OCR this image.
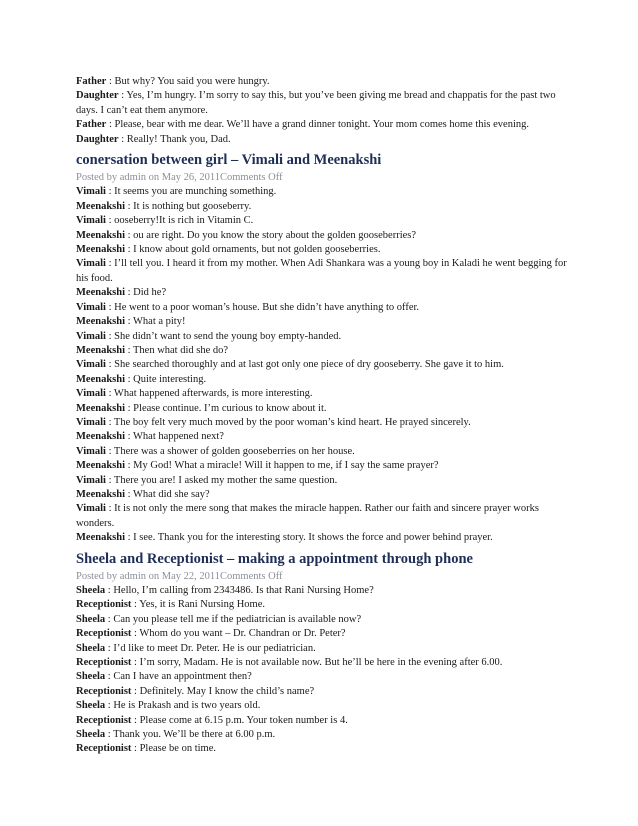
Father : But why? You said you were hungry.

Daughter : Yes, I’m hungry. I’m sorry to say this, but you’ve been giving me bread and chappatis for the past two days. I can’t eat them anymore.

Father : Please, bear with me dear. We’ll have a grand dinner tonight. Your mom comes home this evening.

Daughter : Really! Thank you, Dad.

conersation between girl – Vimali and Meenakshi

Posted by admin on May 26, 2011Comments Off

Vimali : It seems you are munching something.

Meenakshi : It is nothing but gooseberry.

Vimali : ooseberry!It is rich in Vitamin C.

Meenakshi : ou are right. Do you know the story about the golden gooseberries?

Meenakshi : I know about gold ornaments, but not golden gooseberries.

Vimali : I’ll tell you. I heard it from my mother. When Adi Shankara was a young boy in Kaladi he went begging for his food.

Meenakshi : Did he?

Vimali : He went to a poor woman’s house. But she didn’t have anything to offer.

Meenakshi : What a pity!

Vimali : She didn’t want to send the young boy empty-handed.

Meenakshi : Then what did she do?

Vimali : She searched thoroughly and at last got only one piece of dry gooseberry. She gave it to him.

Meenakshi : Quite interesting.

Vimali : What happened afterwards, is more interesting.

Meenakshi : Please continue. I’m curious to know about it.

Vimali : The boy felt very much moved by the poor woman’s kind heart. He prayed sincerely.

Meenakshi : What happened next?

Vimali : There was a shower of golden gooseberries on her house.

Meenakshi : My God! What a miracle! Will it happen to me, if I say the same prayer?

Vimali : There you are! I asked my mother the same question.

Meenakshi : What did she say?

Vimali : It is not only the mere song that makes the miracle happen. Rather our faith and sincere prayer works wonders.

Meenakshi : I see. Thank you for the interesting story. It shows the force and power behind prayer.

Sheela and Receptionist – making a appointment through phone

Posted by admin on May 22, 2011Comments Off

Sheela : Hello, I’m calling from 2343486. Is that Rani Nursing Home?

Receptionist : Yes, it is Rani Nursing Home.

Sheela : Can you please tell me if the pediatrician is available now?

Receptionist : Whom do you want – Dr. Chandran or Dr. Peter?

Sheela : I’d like to meet Dr. Peter. He is our pediatrician.

Receptionist : I’m sorry, Madam. He is not available now. But he’ll be here in the evening after 6.00.

Sheela : Can I have an appointment then?

Receptionist : Definitely. May I know the child’s name?

Sheela : He is Prakash and is two years old.

Receptionist : Please come at 6.15 p.m. Your token number is 4.

Sheela : Thank you. We’ll be there at 6.00 p.m.

Receptionist : Please be on time.
